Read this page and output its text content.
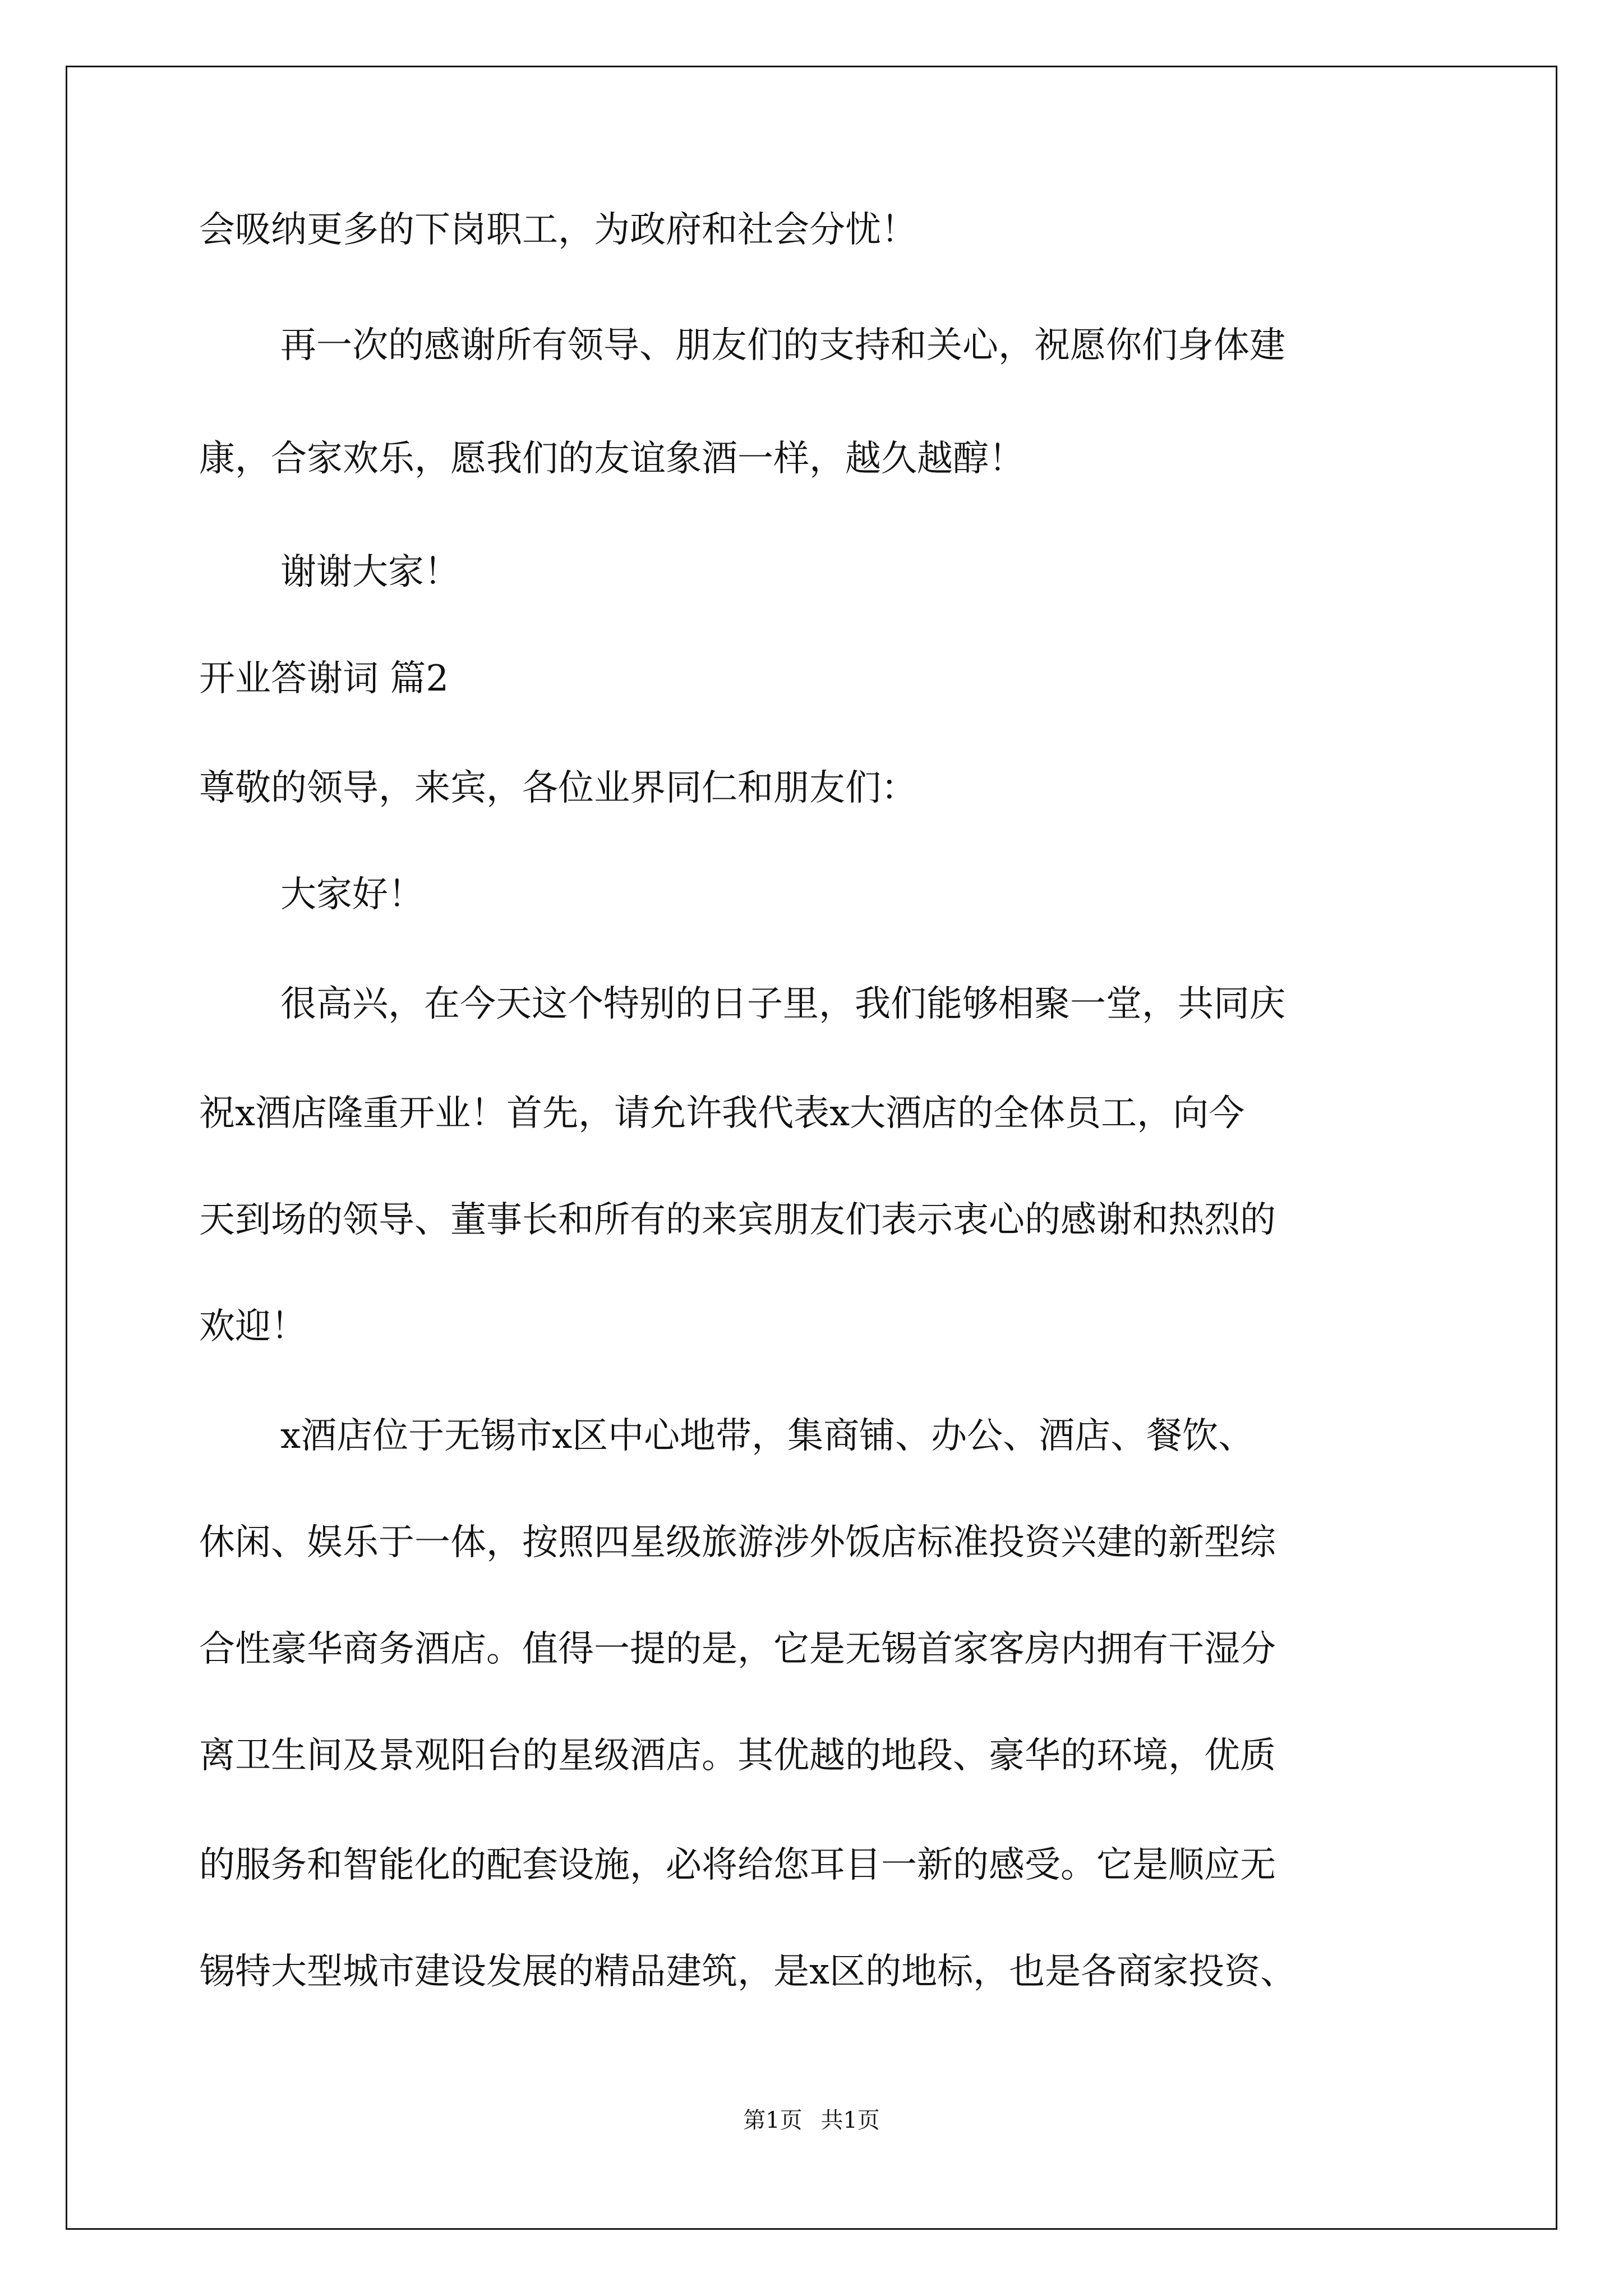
会吸纳更多的下岗职工，为政府和社会分忧！
再一次的感谢所有领导、朋友们的支持和关心，祝愿你们身体建
康，合家欢乐，愿我们的友谊象酒一样，越久越醇！
谢谢大家！
开业答谢词 篇2
尊敬的领导，来宾，各位业界同仁和朋友们：
大家好！
很高兴，在今天这个特别的日子里，我们能够相聚一堂，共同庆
祝x酒店隆重开业！首先，请允许我代表x大酒店的全体员工，向今
天到场的领导、董事长和所有的来宾朋友们表示衷心的感谢和热烈的
欢迎！
x酒店位于无锡市x区中心地带，集商铺、办公、酒店、餐饮、
休闲、娱乐于一体，按照四星级旅游涉外饭店标准投资兴建的新型综
合性豪华商务酒店。值得一提的是，它是无锡首家客房内拥有干湿分
离卫生间及景观阳台的星级酒店。其优越的地段、豪华的环境，优质
的服务和智能化的配套设施，必将给您耳目一新的感受。它是顺应无
锡特大型城市建设发展的精品建筑，是x区的地标，也是各商家投资、
第1页 共1页
